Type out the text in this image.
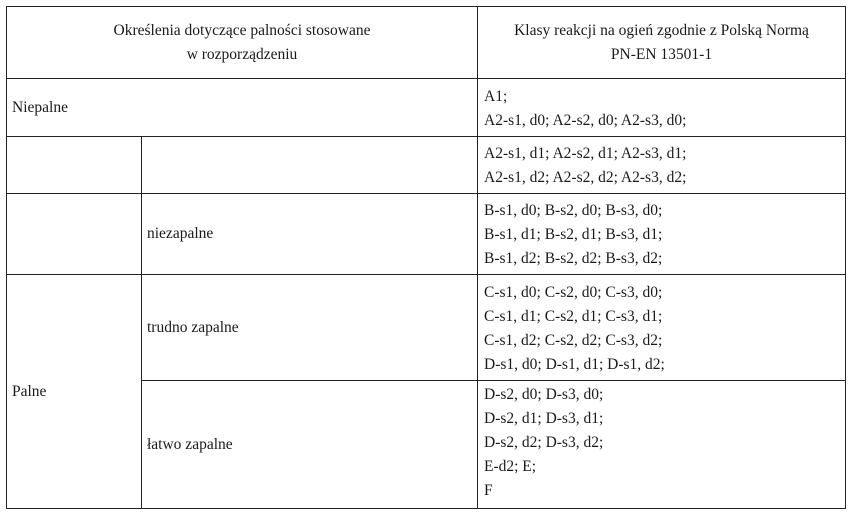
Określenia dotyczące palności stosowane
w rozporządzeniu
Klasy reakcji na ogień zgodnie z Polską Normą
PN-EN 13501-1
Niepalne
A1;
A2-s1, d0; A2-s2, d0; A2-s3, d0;
A2-s1, d1; A2-s2, d1; A2-s3, d1;
A2-s1, d2; A2-s2, d2; A2-s3, d2;
Palne
niezapalne
B-s1, d0; B-s2, d0; B-s3, d0;
B-s1, d1; B-s2, d1; B-s3, d1;
B-s1, d2; B-s2, d2; B-s3, d2;
trudno zapalne
C-s1, d0; C-s2, d0; C-s3, d0;
C-s1, d1; C-s2, d1; C-s3, d1;
C-s1, d2; C-s2, d2; C-s3, d2;
D-s1, d0; D-s1, d1; D-s1, d2;
łatwo zapalne
D-s2, d0; D-s3, d0;
D-s2, d1; D-s3, d1;
D-s2, d2; D-s3, d2;
E-d2; E;
F
